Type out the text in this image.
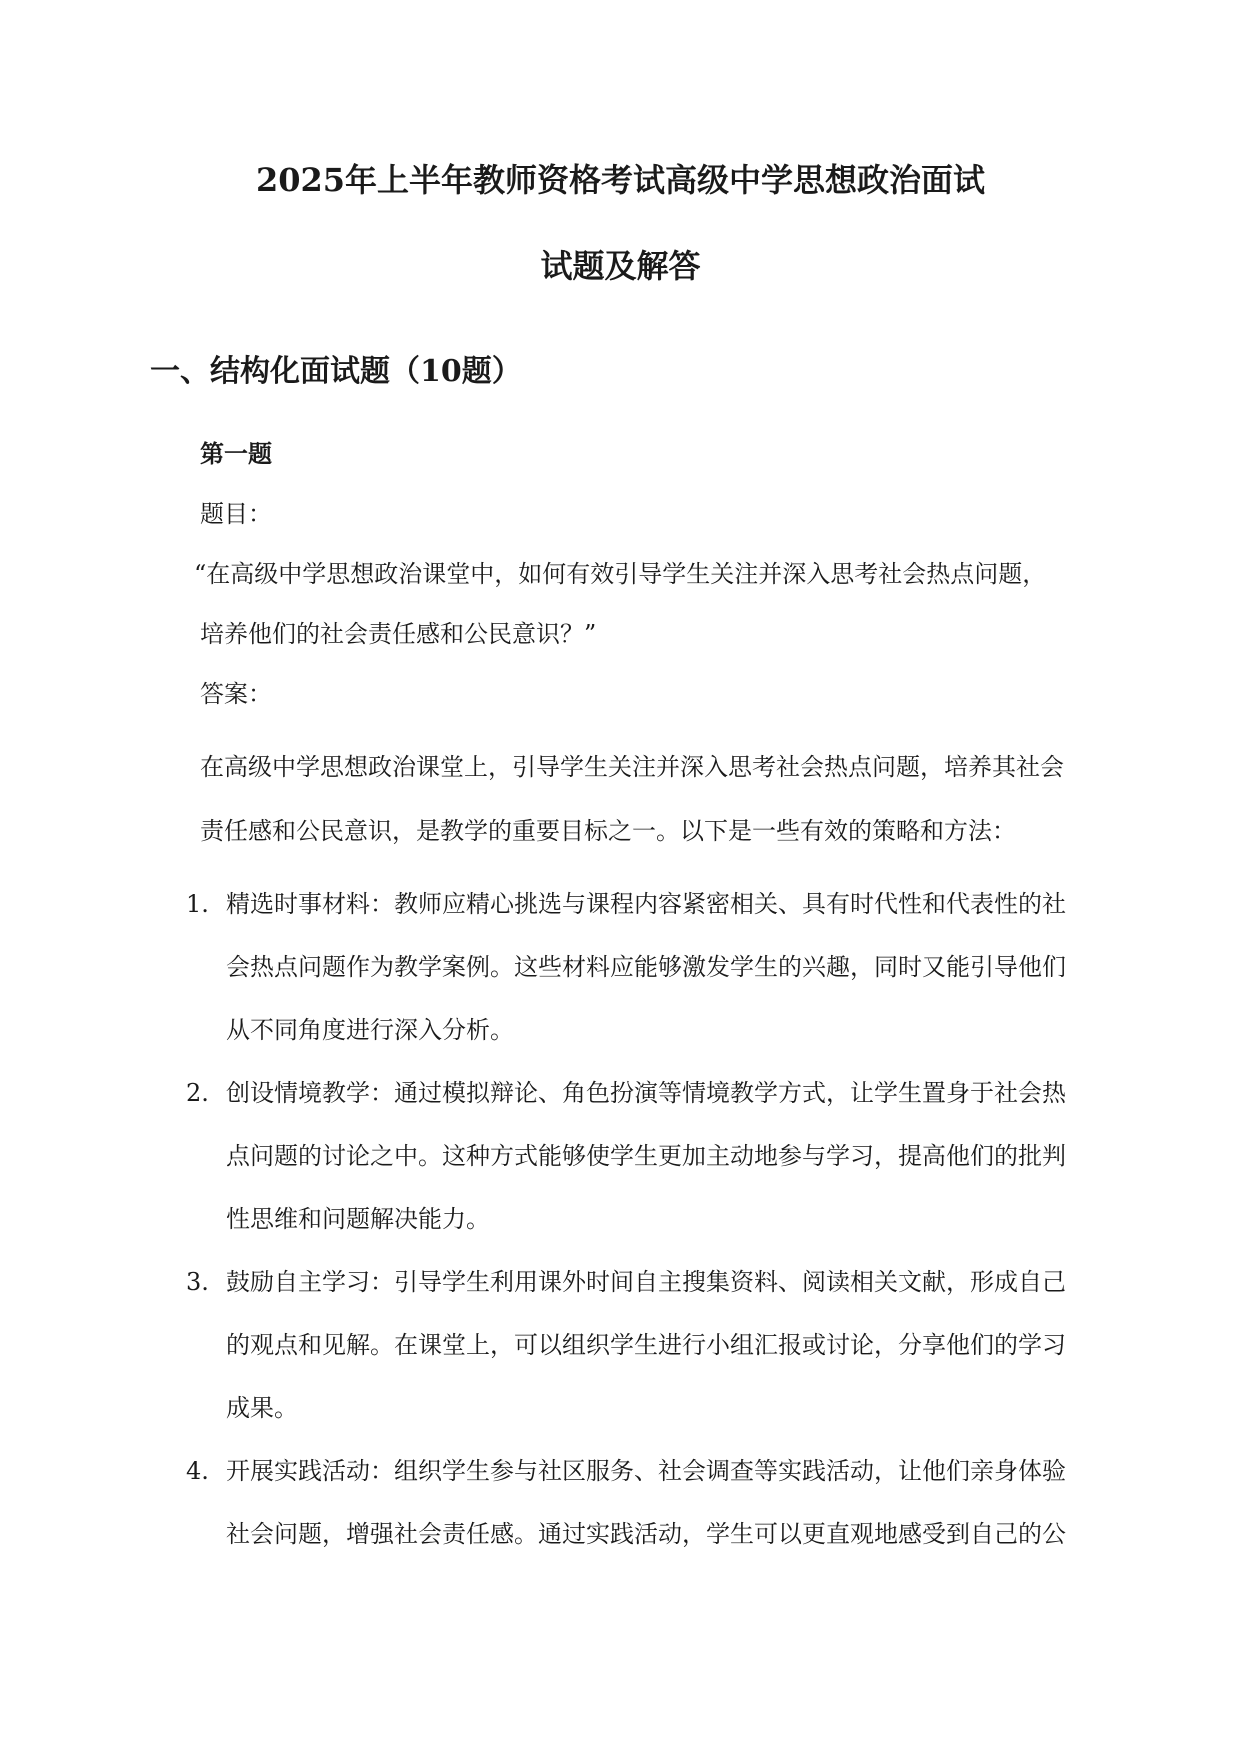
2025年上半年教师资格考试高级中学思想政治面试
试题及解答
一、结构化面试题（10题）
第一题
题目：
“在高级中学思想政治课堂中，如何有效引导学生关注并深入思考社会热点问题，
培养他们的社会责任感和公民意识？”
答案：
在高级中学思想政治课堂上，引导学生关注并深入思考社会热点问题，培养其社会
责任感和公民意识，是教学的重要目标之一。以下是一些有效的策略和方法：
1. 精选时事材料：教师应精心挑选与课程内容紧密相关、具有时代性和代表性的社
会热点问题作为教学案例。这些材料应能够激发学生的兴趣，同时又能引导他们
从不同角度进行深入分析。
2. 创设情境教学：通过模拟辩论、角色扮演等情境教学方式，让学生置身于社会热
点问题的讨论之中。这种方式能够使学生更加主动地参与学习，提高他们的批判
性思维和问题解决能力。
3. 鼓励自主学习：引导学生利用课外时间自主搜集资料、阅读相关文献，形成自己
的观点和见解。在课堂上，可以组织学生进行小组汇报或讨论，分享他们的学习
成果。
4. 开展实践活动：组织学生参与社区服务、社会调查等实践活动，让他们亲身体验
社会问题，增强社会责任感。通过实践活动，学生可以更直观地感受到自己的公
